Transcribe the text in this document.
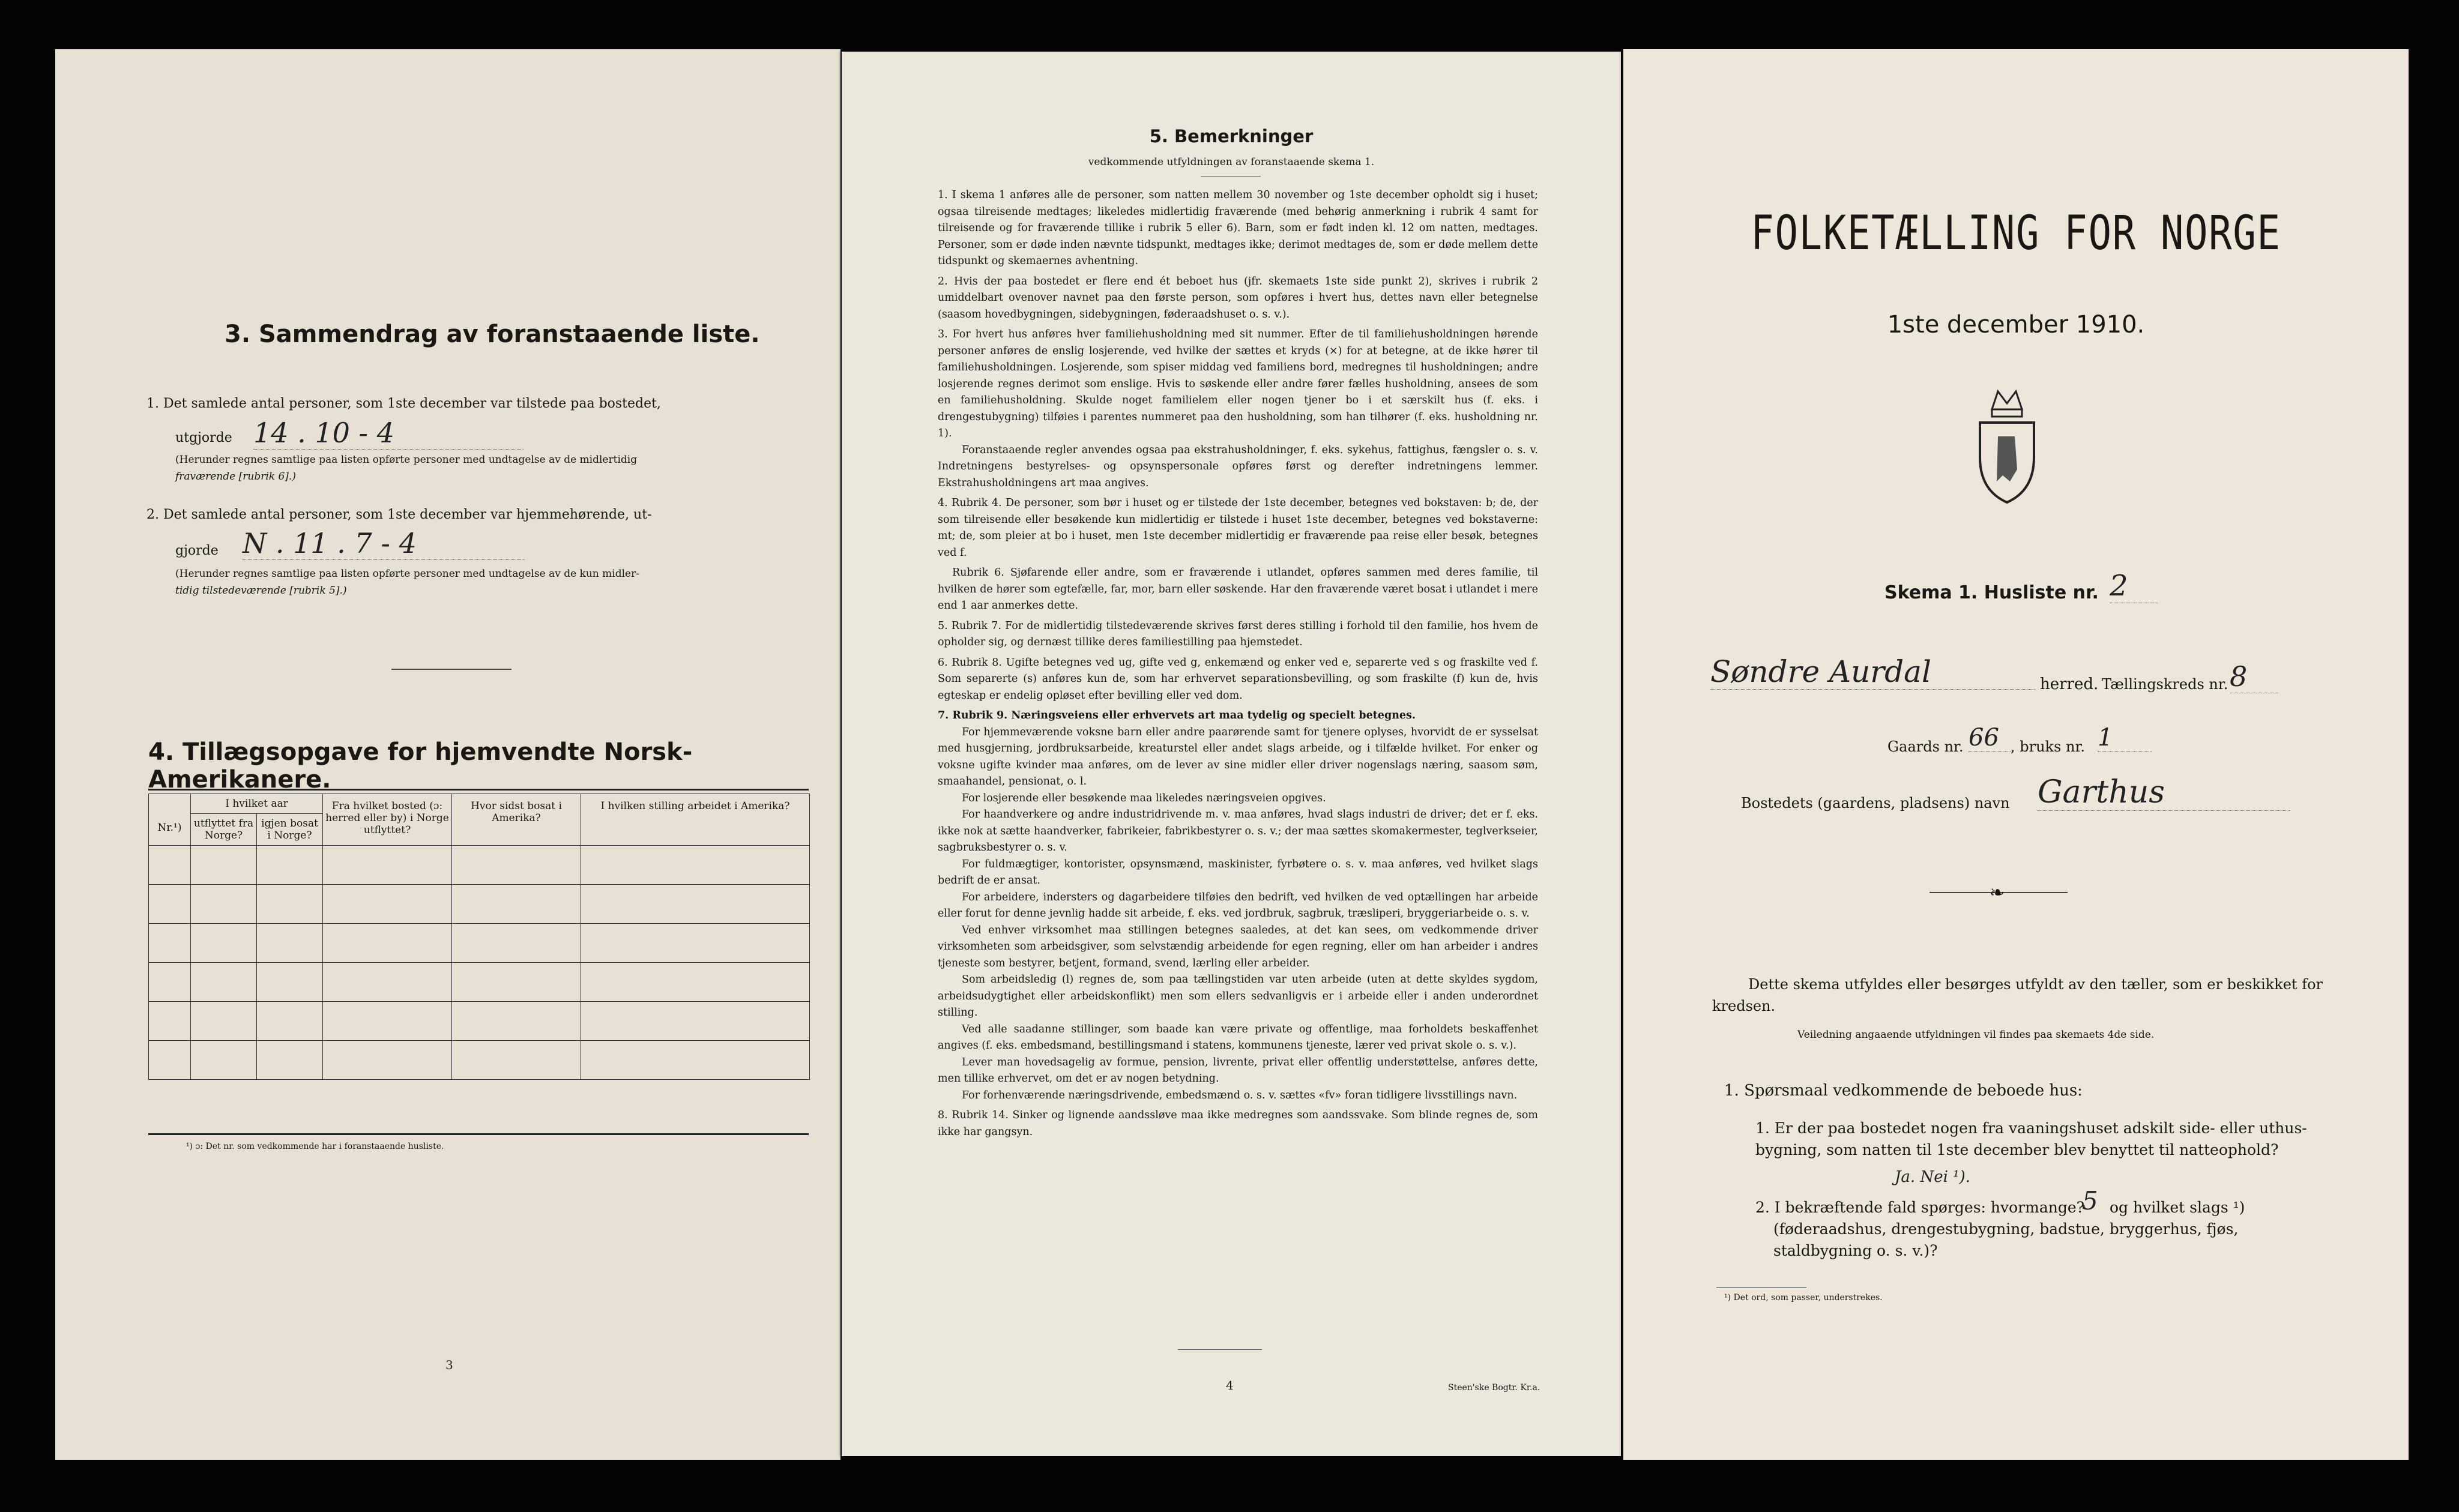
3. Sammendrag av foranstaaende liste.
1. Det samlede antal personer, som 1ste december var tilstede paa bostedet,
utgjorde 14 . 10 - 4
(Herunder regnes samtlige paa listen opførte personer med undtagelse av de midlertidig
fraværende [rubrik 6].)
2. Det samlede antal personer, som 1ste december var hjemmehørende, ut-
gjorde N . 11 . 7 - 4
(Herunder regnes samtlige paa listen opførte personer med undtagelse av de kun midler-
tidig tilstedeværende [rubrik 5].)
4. Tillægsopgave for hjemvendte Norsk-Amerikanere.
Nr.¹)	I hvilket aar		Fra hvilket bosted (ɔ: herred eller by) i Norge utflyttet?	Hvor sidst bosat i Amerika?	I hvilken stilling arbeidet i Amerika?
	utflyttet fra Norge?	igjen bosat i Norge?			

¹) ɔ: Det nr. som vedkommende har i foranstaaende husliste.
3
5. Bemerkninger
vedkommende utfyldningen av foranstaaende skema 1.
1. I skema 1 anføres alle de personer, som natten mellem 30 november og 1ste december opholdt sig i huset; ogsaa tilreisende medtages; likeledes midlertidig fraværende (med behørig anmerkning i rubrik 4 samt for tilreisende og for fraværende tillike i rubrik 5 eller 6). Barn, som er født inden kl. 12 om natten, medtages. Personer, som er døde inden nævnte tidspunkt, medtages ikke; derimot medtages de, som er døde mellem dette tidspunkt og skemaernes avhentning.
2. Hvis der paa bostedet er flere end ét beboet hus (jfr. skemaets 1ste side punkt 2), skrives i rubrik 2 umiddelbart ovenover navnet paa den første person, som opføres i hvert hus, dettes navn eller betegnelse (saasom hovedbygningen, sidebygningen, føderaadshuset o. s. v.).
3. For hvert hus anføres hver familiehusholdning med sit nummer. Efter de til familiehusholdningen hørende personer anføres de enslig losjerende, ved hvilke der sættes et kryds (×) for at betegne, at de ikke hører til familiehusholdningen. Losjerende, som spiser middag ved familiens bord, medregnes til husholdningen; andre losjerende regnes derimot som enslige. Hvis to søskende eller andre fører fælles husholdning, ansees de som en familiehusholdning. Skulde noget familielem eller nogen tjener bo i et særskilt hus (f. eks. i drengestubygning) tilføies i parentes nummeret paa den husholdning, som han tilhører (f. eks. husholdning nr. 1).
Foranstaaende regler anvendes ogsaa paa ekstrahusholdninger, f. eks. sykehus, fattighus, fængsler o. s. v. Indretningens bestyrelses- og opsynspersonale opføres først og derefter indretningens lemmer. Ekstrahusholdningens art maa angives.
4. Rubrik 4. De personer, som bør i huset og er tilstede der 1ste december, betegnes ved bokstaven: b; de, der som tilreisende eller besøkende kun midlertidig er tilstede i huset 1ste december, betegnes ved bokstaverne: mt; de, som pleier at bo i huset, men 1ste december midlertidig er fraværende paa reise eller besøk, betegnes ved f.
Rubrik 6. Sjøfarende eller andre, som er fraværende i utlandet, opføres sammen med deres familie, til hvilken de hører som egtefælle, far, mor, barn eller søskende. Har den fraværende været bosat i utlandet i mere end 1 aar anmerkes dette.
5. Rubrik 7. For de midlertidig tilstedeværende skrives først deres stilling i forhold til den familie, hos hvem de opholder sig, og dernæst tillike deres familiestilling paa hjemstedet.
6. Rubrik 8. Ugifte betegnes ved ug, gifte ved g, enkemænd og enker ved e, separerte ved s og fraskilte ved f. Som separerte (s) anføres kun de, som har erhvervet separationsbevilling, og som fraskilte (f) kun de, hvis egteskap er endelig opløset efter bevilling eller ved dom.
7. Rubrik 9. Næringsveiens eller erhvervets art maa tydelig og specielt betegnes.
For hjemmeværende voksne barn eller andre paarørende samt for tjenere oplyses, hvorvidt de er sysselsat med husgjerning, jordbruksarbeide, kreaturstel eller andet slags arbeide, og i tilfælde hvilket. For enker og voksne ugifte kvinder maa anføres, om de lever av sine midler eller driver nogenslags næring, saasom søm, smaahandel, pensionat, o. l.
For losjerende eller besøkende maa likeledes næringsveien opgives.
For haandverkere og andre industridrivende m. v. maa anføres, hvad slags industri de driver; det er f. eks. ikke nok at sætte haandverker, fabrikeier, fabrikbestyrer o. s. v.; der maa sættes skomakermester, teglverkseier, sagbruksbestyrer o. s. v.
For fuldmægtiger, kontorister, opsynsmænd, maskinister, fyrbøtere o. s. v. maa anføres, ved hvilket slags bedrift de er ansat.
For arbeidere, indersters og dagarbeidere tilføies den bedrift, ved hvilken de ved optællingen har arbeide eller forut for denne jevnlig hadde sit arbeide, f. eks. ved jordbruk, sagbruk, træsliperi, bryggeriarbeide o. s. v.
Ved enhver virksomhet maa stillingen betegnes saaledes, at det kan sees, om vedkommende driver virksomheten som arbeidsgiver, som selvstændig arbeidende for egen regning, eller om han arbeider i andres tjeneste som bestyrer, betjent, formand, svend, lærling eller arbeider.
Som arbeidsledig (l) regnes de, som paa tællingstiden var uten arbeide (uten at dette skyldes sygdom, arbeidsudygtighet eller arbeidskonflikt) men som ellers sedvanligvis er i arbeide eller i anden underordnet stilling.
Ved alle saadanne stillinger, som baade kan være private og offentlige, maa forholdets beskaffenhet angives (f. eks. embedsmand, bestillingsmand i statens, kommunens tjeneste, lærer ved privat skole o. s. v.).
Lever man hovedsagelig av formue, pension, livrente, privat eller offentlig understøttelse, anføres dette, men tillike erhvervet, om det er av nogen betydning.
For forhenværende næringsdrivende, embedsmænd o. s. v. sættes «fv» foran tidligere livsstillings navn.
8. Rubrik 14. Sinker og lignende aandssløve maa ikke medregnes som aandssvake. Som blinde regnes de, som ikke har gangsyn.
4	Steen'ske Bogtr. Kr.a.
FOLKETÆLLING FOR NORGE
1ste december 1910.
Skema 1. Husliste nr. 2
Søndre Aurdal	herred. Tællingskreds nr. 8
Gaards nr. 66 , bruks nr. 1
Bostedets (gaardens, pladsens) navn Garthus
❧
Dette skema utfyldes eller besørges utfyldt av den tæller, som er beskikket for kredsen.
Veiledning angaaende utfyldningen vil findes paa skemaets 4de side.
1. Spørsmaal vedkommende de beboede hus:
1. Er der paa bostedet nogen fra vaaningshuset adskilt side- eller uthus-bygning, som natten til 1ste december blev benyttet til natteophold?
Ja. Nei ¹).
2. I bekræftende fald spørges: hvormange?
5 og hvilket slags ¹) (føderaadshus, drengestubygning, badstue, bryggerhus, fjøs, staldbygning o. s. v.)?
¹) Det ord, som passer, understrekes.
